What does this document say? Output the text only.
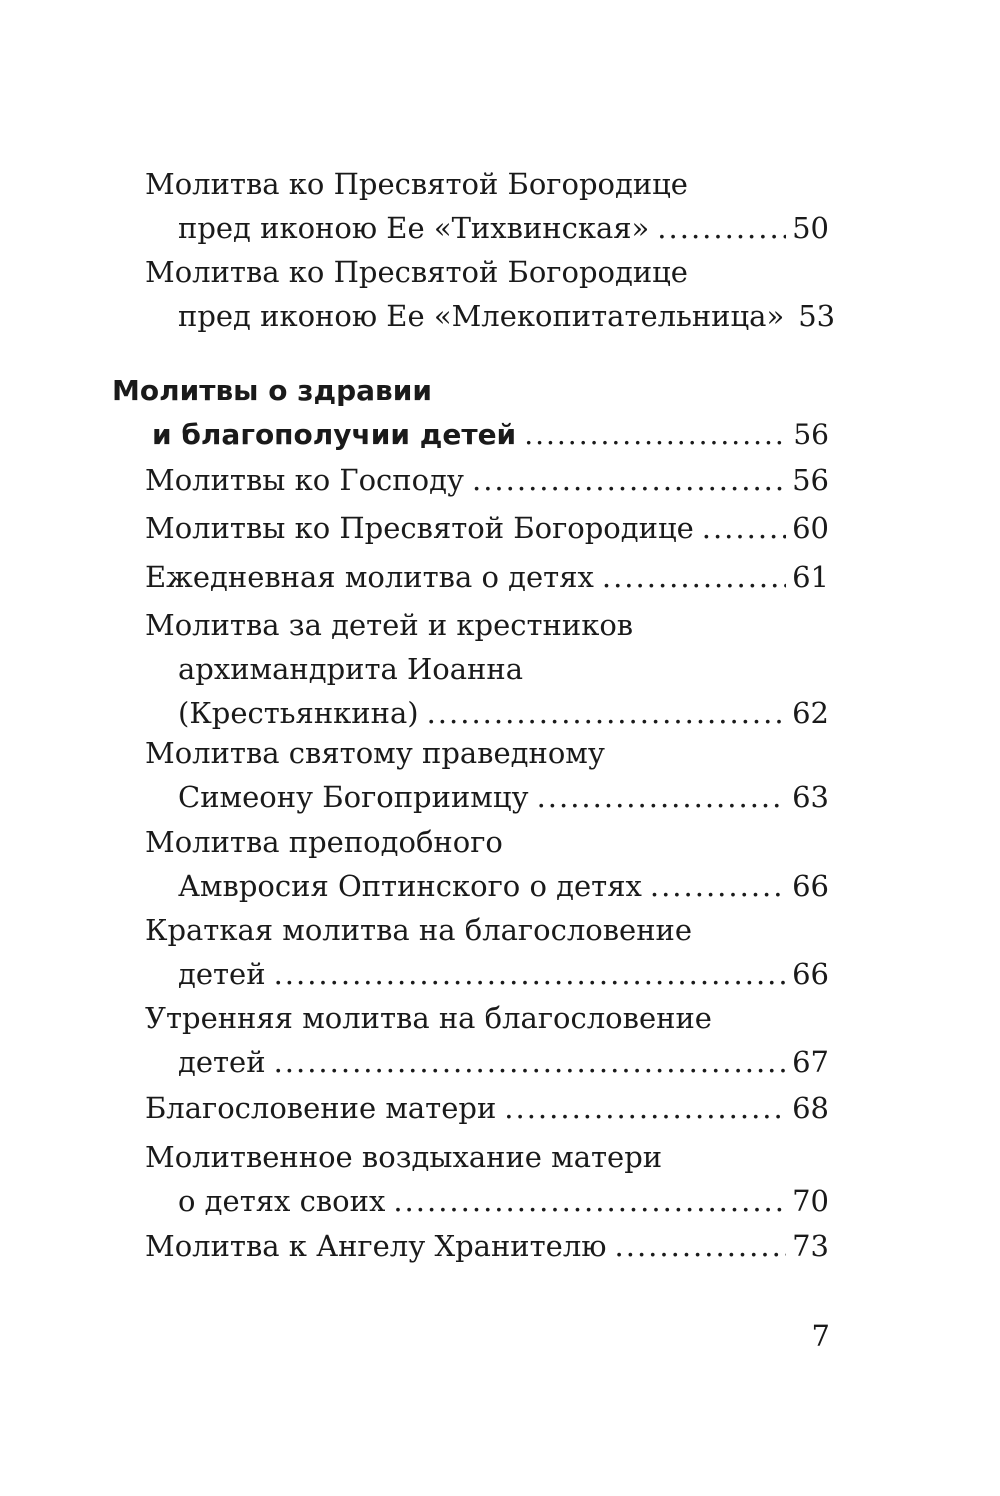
Молитва ко Пресвятой Богородице
пред иконою Ее «Тихвинская» .....	50
Молитва ко Пресвятой Богородице
пред иконою Ее «Млекопитательница» 53
Молитвы о здравии
и благополучии детей .....	56
Молитвы ко Господу .....	56
Молитвы ко Пресвятой Богородице .....	60
Ежедневная молитва о детях .....	61
Молитва за детей и крестников
архимандрита Иоанна
(Крестьянкина) .....	62
Молитва святому праведному
Симеону Богоприимцу .....	63
Молитва преподобного
Амвросия Оптинского о детях .....	66
Краткая молитва на благословение
детей .....	66
Утренняя молитва на благословение
детей .....	67
Благословение матери .....	68
Молитвенное воздыхание матери
о детях своих .....	70
Молитва к Ангелу Хранителю .....	73
7
